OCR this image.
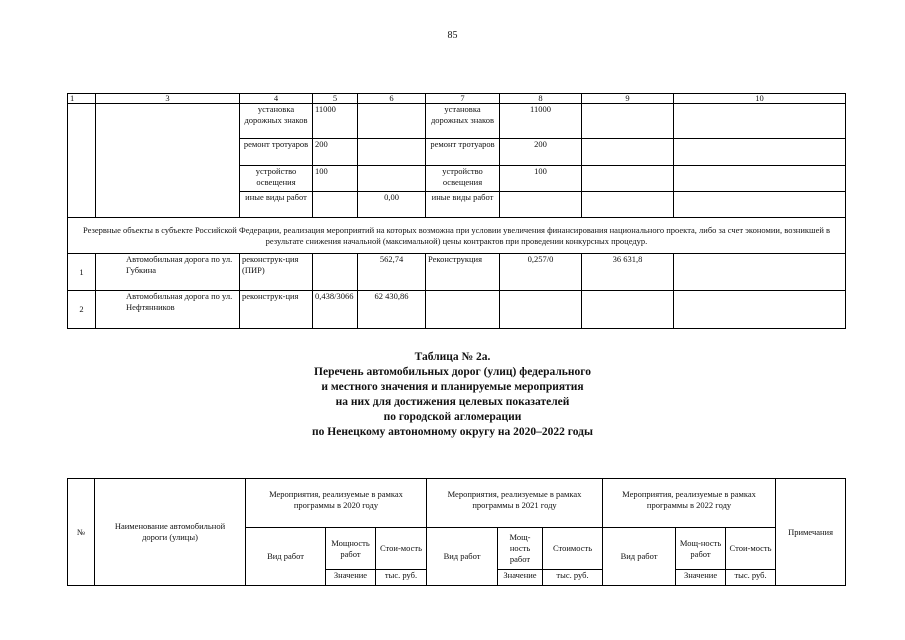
85
1	3	4	5	6	7	8	9	10
		установка дорожных знаков	11000		установка дорожных знаков	11000		
		ремонт тротуаров	200		ремонт тротуаров	200		
		устройство освещения	100		устройство освещения	100		
		иные виды работ		0,00	иные виды работ			
Резервные объекты в субъекте Российской Федерации, реализация мероприятий на которых возможна при условии увеличения финансирования национального проекта, либо за счет экономии, возникшей в результате снижения начальной (максимальной) цены контрактов при проведении конкурсных процедур.								
1	Автомобильная дорога по ул. Губкина	реконструк-ция (ПИР)		562,74	Реконструкция	0,257/0	36 631,8	
2	Автомобильная дорога по ул. Нефтянников	реконструк-ция	0,438/3066	62 430,86				
Таблица № 2а.
Перечень автомобильных дорог (улиц) федерального
и местного значения и планируемые мероприятия
на них для достижения целевых показателей
по городской агломерации
по Ненецкому автономному округу на 2020–2022 годы
№	Наименование автомобильной дороги (улицы)	Мероприятия, реализуемые в рамках программы в 2020 году			Мероприятия, реализуемые в рамках программы в 2021 году			Мероприятия, реализуемые в рамках программы в 2022 году			Примечания
		Вид работ	Мощность работ	Стои-мость	Вид работ	Мощ-ность работ	Стоимость	Вид работ	Мощ-ность работ	Стои-мость	
			Значение	тыс. руб.		Значение	тыс. руб.		Значение	тыс. руб.	
